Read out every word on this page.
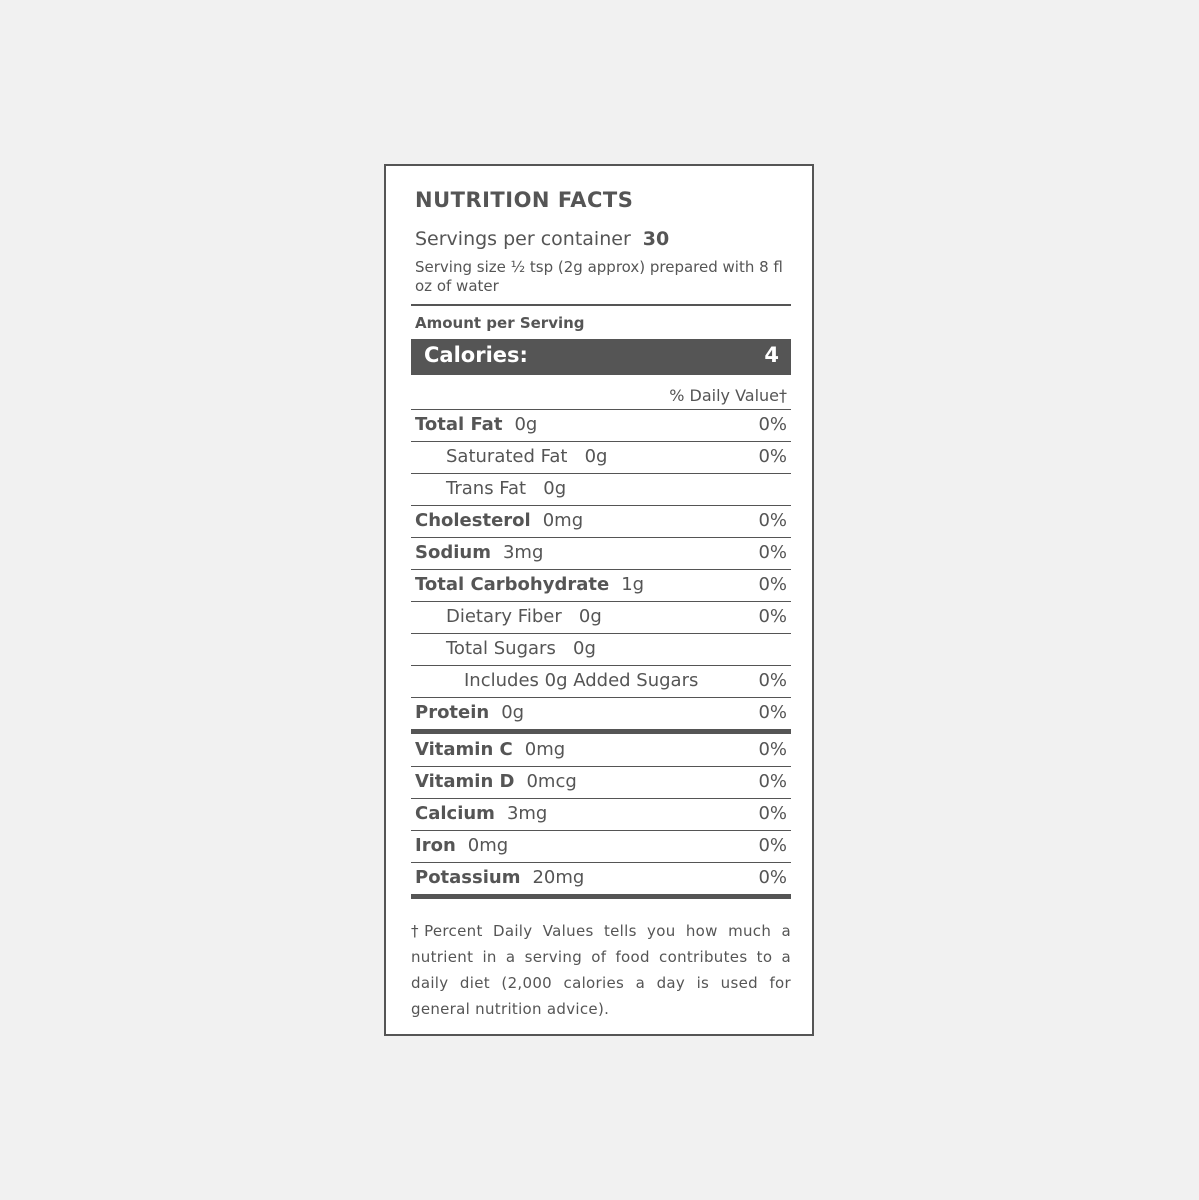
NUTRITION FACTS
Servings per container 30
Serving size ½ tsp (2g approx) prepared with 8 fl oz of water
Amount per Serving
Calories:	4
% Daily Value†
Total Fat 0g	0%
Saturated Fat 0g	0%
Trans Fat 0g
Cholesterol 0mg	0%
Sodium 3mg	0%
Total Carbohydrate 1g	0%
Dietary Fiber 0g	0%
Total Sugars 0g
Includes 0g Added Sugars	0%
Protein 0g	0%
Vitamin C 0mg	0%
Vitamin D 0mcg	0%
Calcium 3mg	0%
Iron 0mg	0%
Potassium 20mg	0%
†Percent Daily Values tells you how much a nutrient in a serving of food contributes to a daily diet (2,000 calories a day is used for general nutrition advice).
